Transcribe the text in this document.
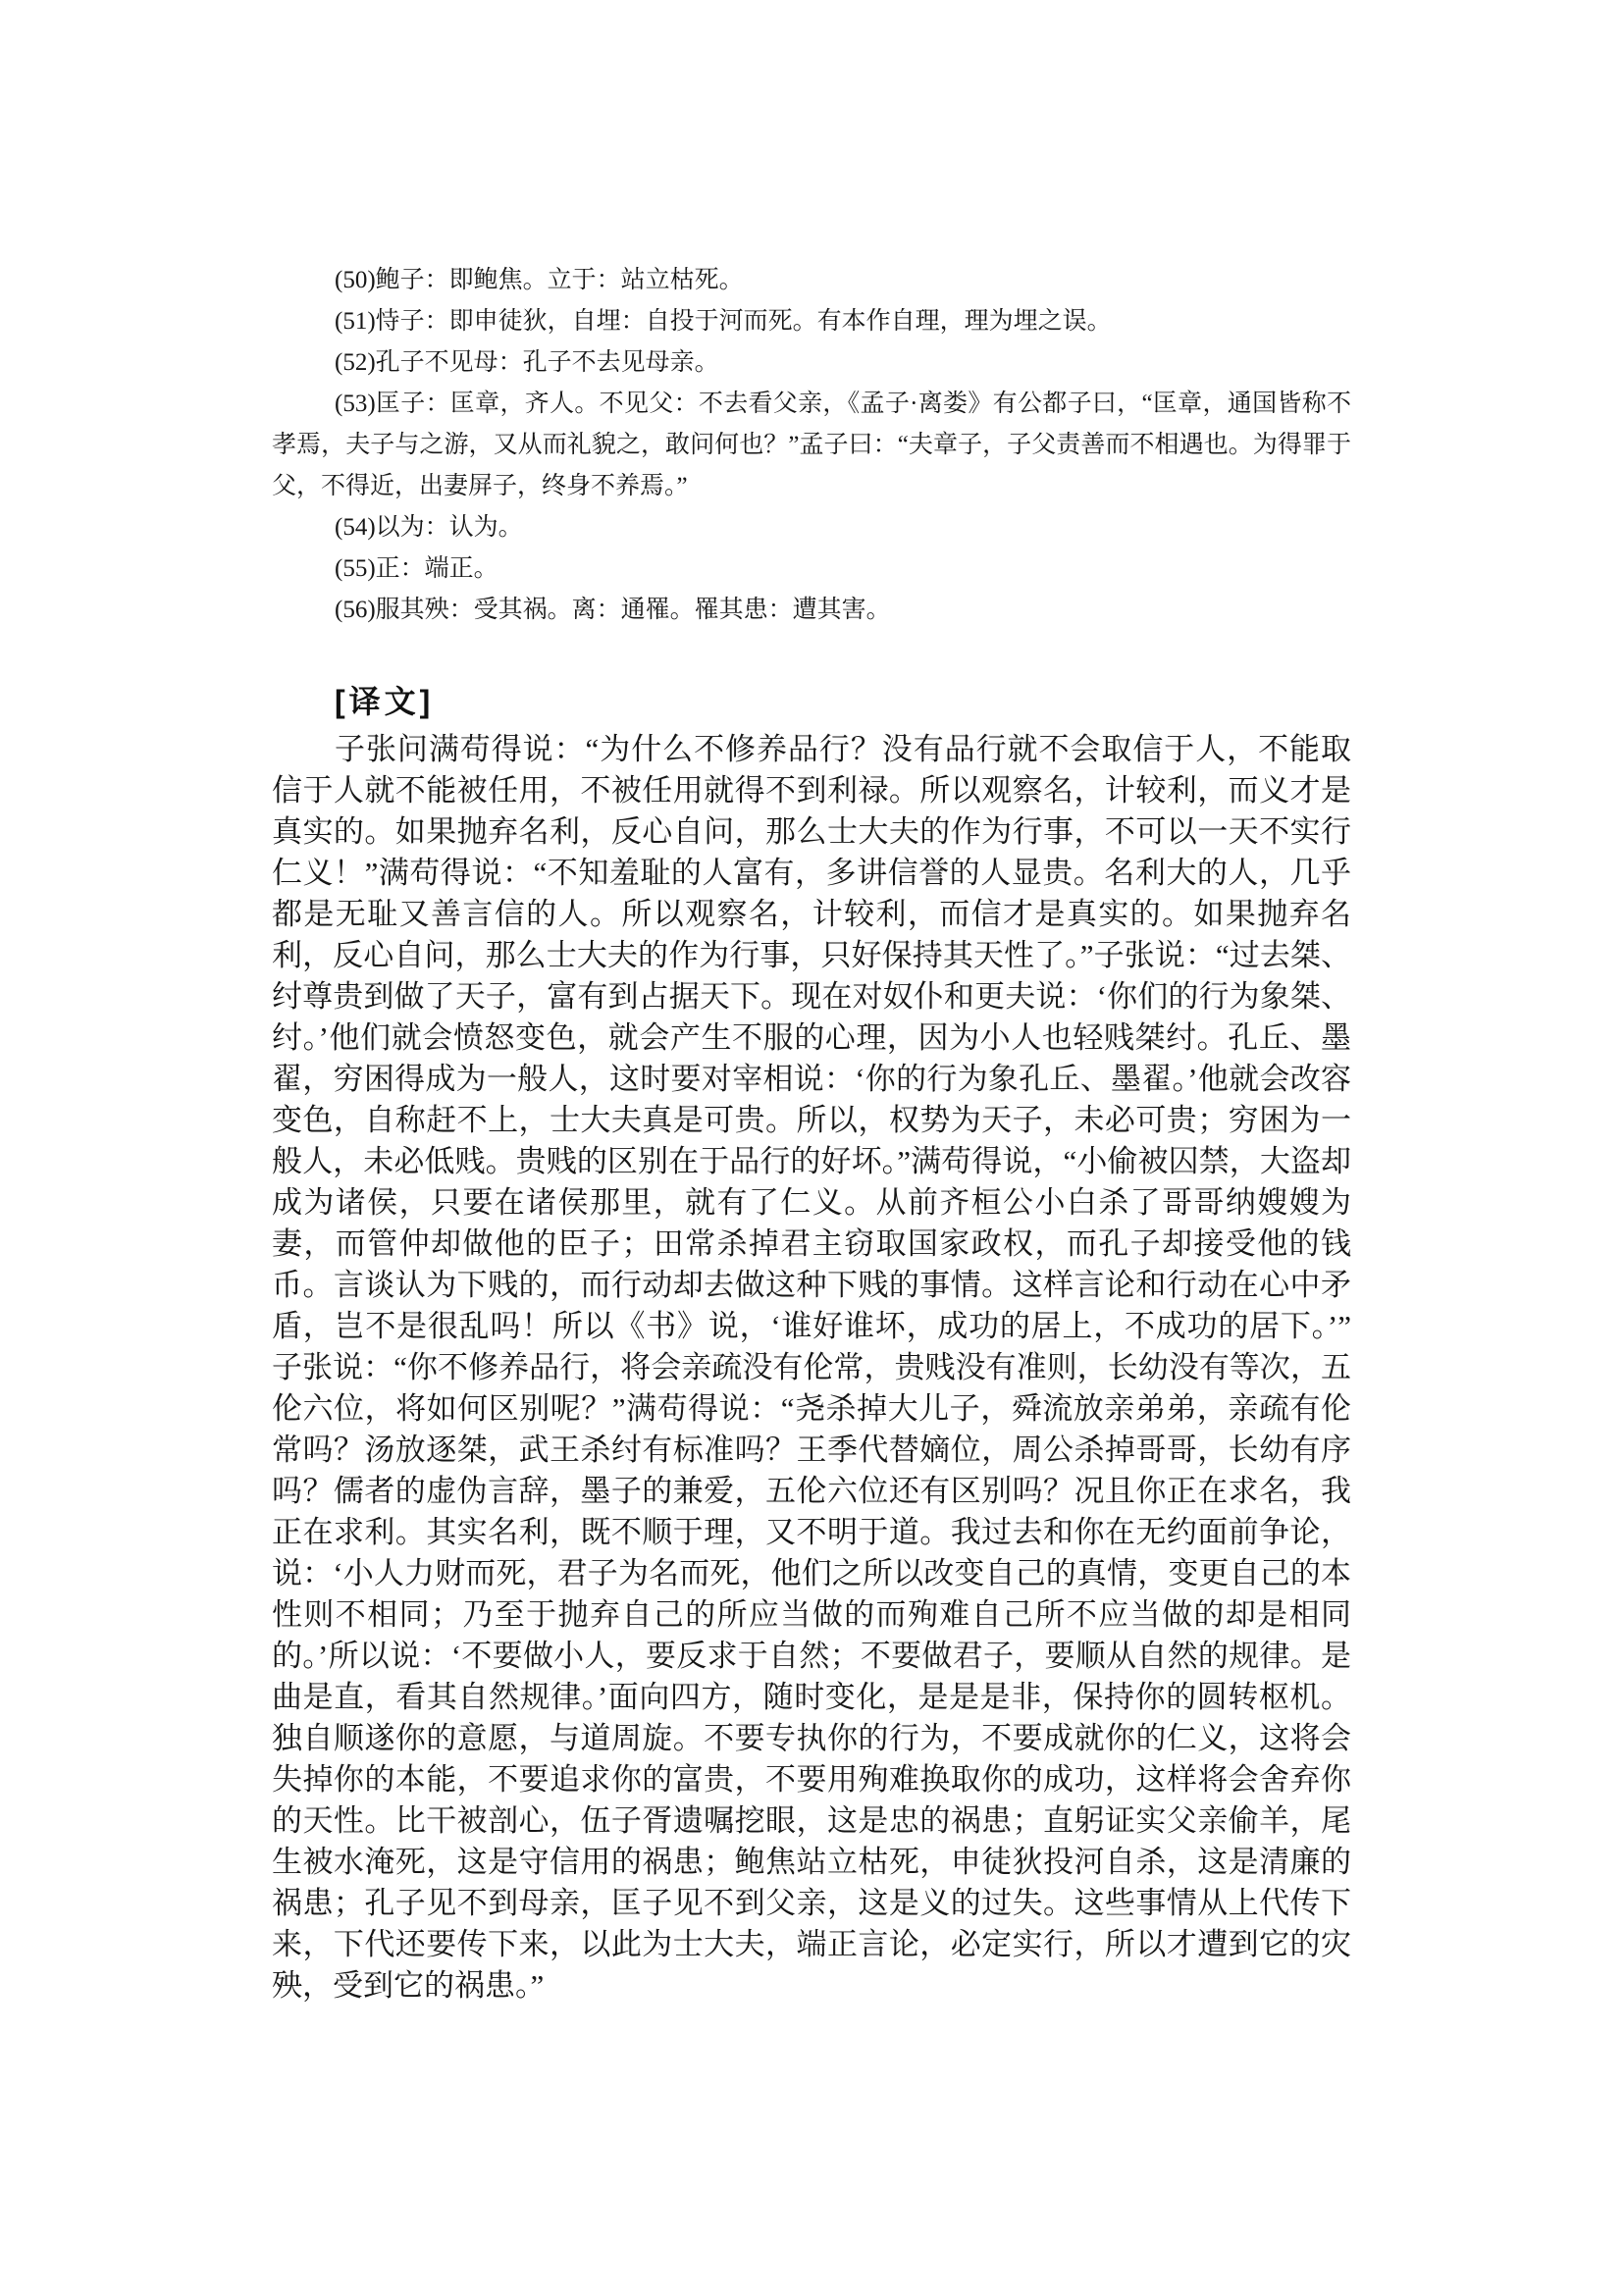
(50)鲍子：即鲍焦。立于：站立枯死。

(51)恃子：即申徒狄，自埋：自投于河而死。有本作自理，理为埋之误。

(52)孔子不见母：孔子不去见母亲。

(53)匡子：匡章，齐人。不见父：不去看父亲，《孟子·离娄》有公都子曰，“匡章，通国皆称不孝焉，夫子与之游，又从而礼貌之，敢问何也？”孟子曰：“夫章子，子父责善而不相遇也。为得罪于父，不得近，出妻屏子，终身不养焉。”

(54)以为：认为。

(55)正：端正。

(56)服其殃：受其祸。离：通罹。罹其患：遭其害。

[译文]

子张问满苟得说：“为什么不修养品行？没有品行就不会取信于人，不能取信于人就不能被任用，不被任用就得不到利禄。所以观察名，计较利，而义才是真实的。如果抛弃名利，反心自问，那么士大夫的作为行事，不可以一天不实行仁义！”满苟得说：“不知羞耻的人富有，多讲信誉的人显贵。名利大的人，几乎都是无耻又善言信的人。所以观察名，计较利，而信才是真实的。如果抛弃名利，反心自问，那么士大夫的作为行事，只好保持其天性了。”子张说：“过去桀、纣尊贵到做了天子，富有到占据天下。现在对奴仆和更夫说：‘你们的行为象桀、纣。’他们就会愤怒变色，就会产生不服的心理，因为小人也轻贱桀纣。孔丘、墨翟，穷困得成为一般人，这时要对宰相说：‘你的行为象孔丘、墨翟。’他就会改容变色，自称赶不上，士大夫真是可贵。所以，权势为天子，未必可贵；穷困为一般人，未必低贱。贵贱的区别在于品行的好坏。”满苟得说，“小偷被囚禁，大盗却成为诸侯，只要在诸侯那里，就有了仁义。从前齐桓公小白杀了哥哥纳嫂嫂为妻，而管仲却做他的臣子；田常杀掉君主窃取国家政权，而孔子却接受他的钱币。言谈认为下贱的，而行动却去做这种下贱的事情。这样言论和行动在心中矛盾，岂不是很乱吗！所以《书》说，‘谁好谁坏，成功的居上，不成功的居下。’”子张说：“你不修养品行，将会亲疏没有伦常，贵贱没有准则，长幼没有等次，五伦六位，将如何区别呢？”满苟得说：“尧杀掉大儿子，舜流放亲弟弟，亲疏有伦常吗？汤放逐桀，武王杀纣有标准吗？王季代替嫡位，周公杀掉哥哥，长幼有序吗？儒者的虚伪言辞，墨子的兼爱，五伦六位还有区别吗？况且你正在求名，我正在求利。其实名利，既不顺于理，又不明于道。我过去和你在无约面前争论，说：‘小人力财而死，君子为名而死，他们之所以改变自己的真情，变更自己的本性则不相同；乃至于抛弃自己的所应当做的而殉难自己所不应当做的却是相同的。’所以说：‘不要做小人，要反求于自然；不要做君子，要顺从自然的规律。是曲是直，看其自然规律。’面向四方，随时变化，是是是非，保持你的圆转枢机。独自顺遂你的意愿，与道周旋。不要专执你的行为，不要成就你的仁义，这将会失掉你的本能，不要追求你的富贵，不要用殉难换取你的成功，这样将会舍弃你的天性。比干被剖心，伍子胥遗嘱挖眼，这是忠的祸患；直躬证实父亲偷羊，尾生被水淹死，这是守信用的祸患；鲍焦站立枯死，申徒狄投河自杀，这是清廉的祸患；孔子见不到母亲，匡子见不到父亲，这是义的过失。这些事情从上代传下来，下代还要传下来，以此为士大夫，端正言论，必定实行，所以才遭到它的灾殃，受到它的祸患。”
